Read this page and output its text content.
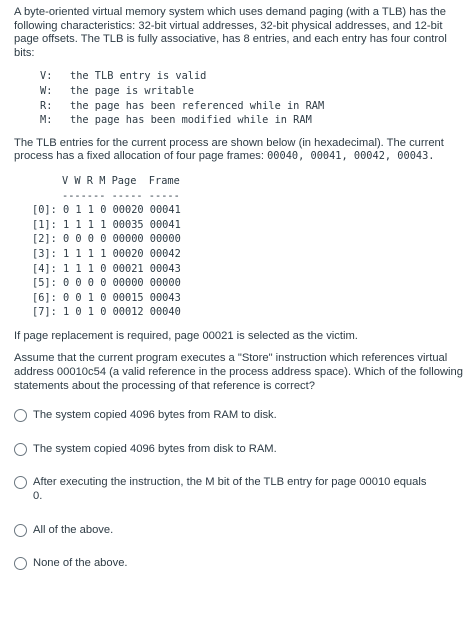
A byte-oriented virtual memory system which uses demand paging (with a TLB) has the following characteristics: 32-bit virtual addresses, 32-bit physical addresses, and 12-bit page offsets. The TLB is fully associative, has 8 entries, and each entry has four control bits:

V: the TLB entry is valid
W: the page is writable
R: the page has been referenced while in RAM
M: the page has been modified while in RAM

The TLB entries for the current process are shown below (in hexadecimal). The current process has a fixed allocation of four page frames: 00040, 00041, 00042, 00043.

V W R M Page  Frame
------- ----- -----
[0]: 0 1 1 0 00020 00041
[1]: 1 1 1 1 00035 00041
[2]: 0 0 0 0 00000 00000
[3]: 1 1 1 1 00020 00042
[4]: 1 1 1 0 00021 00043
[5]: 0 0 0 0 00000 00000
[6]: 0 0 1 0 00015 00043
[7]: 1 0 1 0 00012 00040

If page replacement is required, page 00021 is selected as the victim.

Assume that the current program executes a "Store" instruction which references virtual address 00010c54 (a valid reference in the process address space). Which of the following statements about the processing of that reference is correct?

The system copied 4096 bytes from RAM to disk.
The system copied 4096 bytes from disk to RAM.
After executing the instruction, the M bit of the TLB entry for page 00010 equals 0.
All of the above.
None of the above.
